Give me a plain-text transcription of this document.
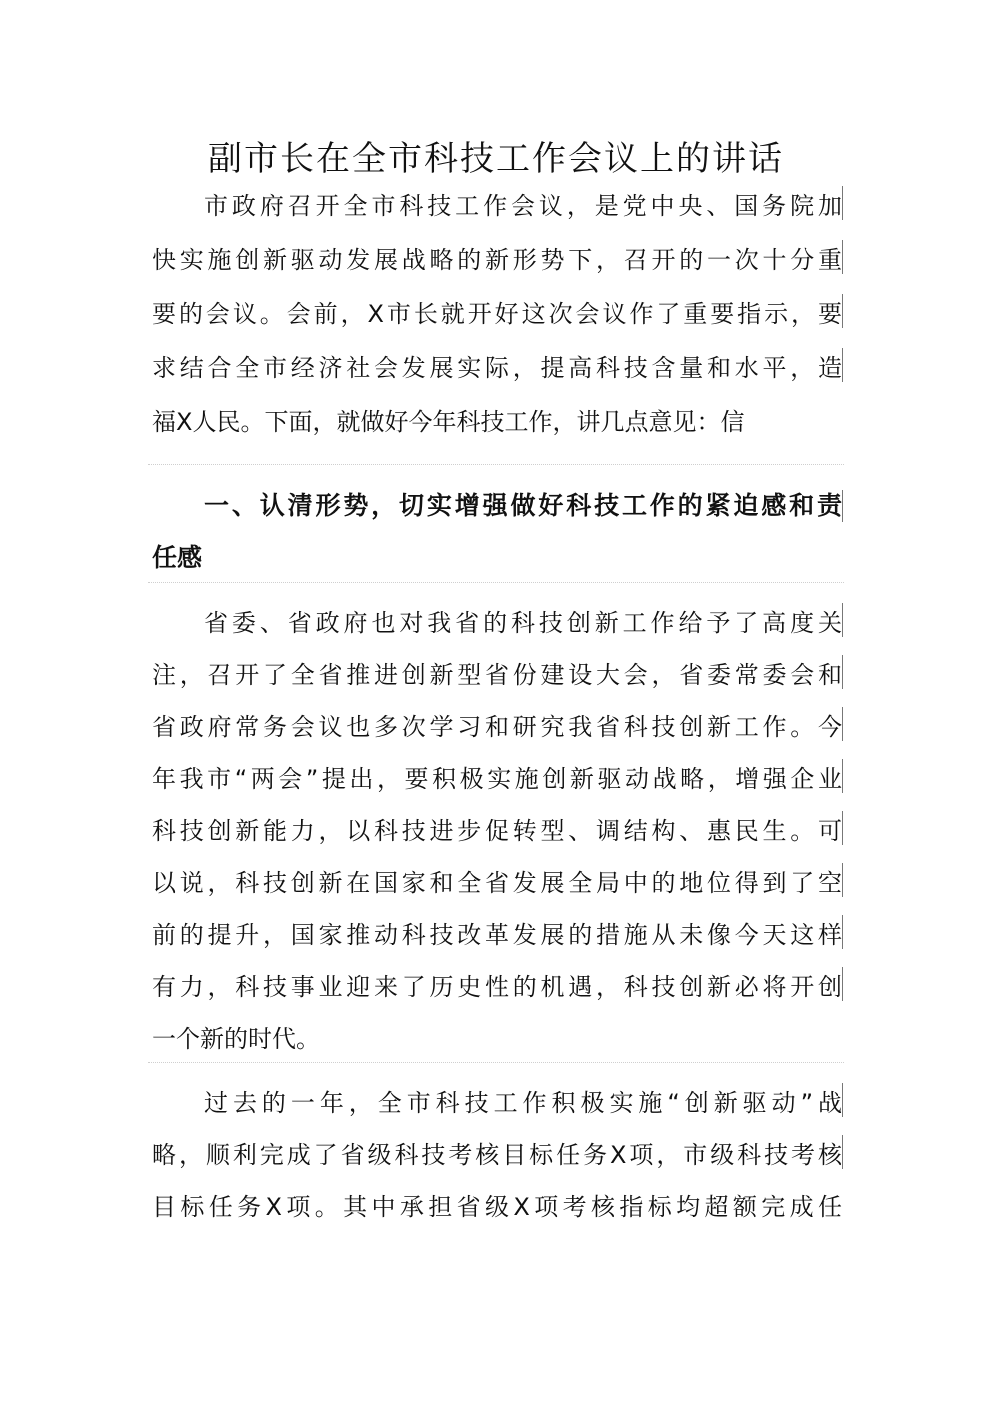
副市长在全市科技工作会议上的讲话
市政府召开全市科技工作会议，是党中央、国务院加
快实施创新驱动发展战略的新形势下，召开的一次十分重
要的会议。会前，X市长就开好这次会议作了重要指示，要
求结合全市经济社会发展实际，提高科技含量和水平，造
福X人民。下面，就做好今年科技工作，讲几点意见：信
一、认清形势，切实增强做好科技工作的紧迫感和责
任感
省委、省政府也对我省的科技创新工作给予了高度关
注，召开了全省推进创新型省份建设大会，省委常委会和
省政府常务会议也多次学习和研究我省科技创新工作。今
年我市“两会”提出，要积极实施创新驱动战略，增强企业
科技创新能力，以科技进步促转型、调结构、惠民生。可
以说，科技创新在国家和全省发展全局中的地位得到了空
前的提升，国家推动科技改革发展的措施从未像今天这样
有力，科技事业迎来了历史性的机遇，科技创新必将开创
一个新的时代。
过去的一年，全市科技工作积极实施“创新驱动”战
略，顺利完成了省级科技考核目标任务X项，市级科技考核
目标任务X项。其中承担省级X项考核指标均超额完成任
